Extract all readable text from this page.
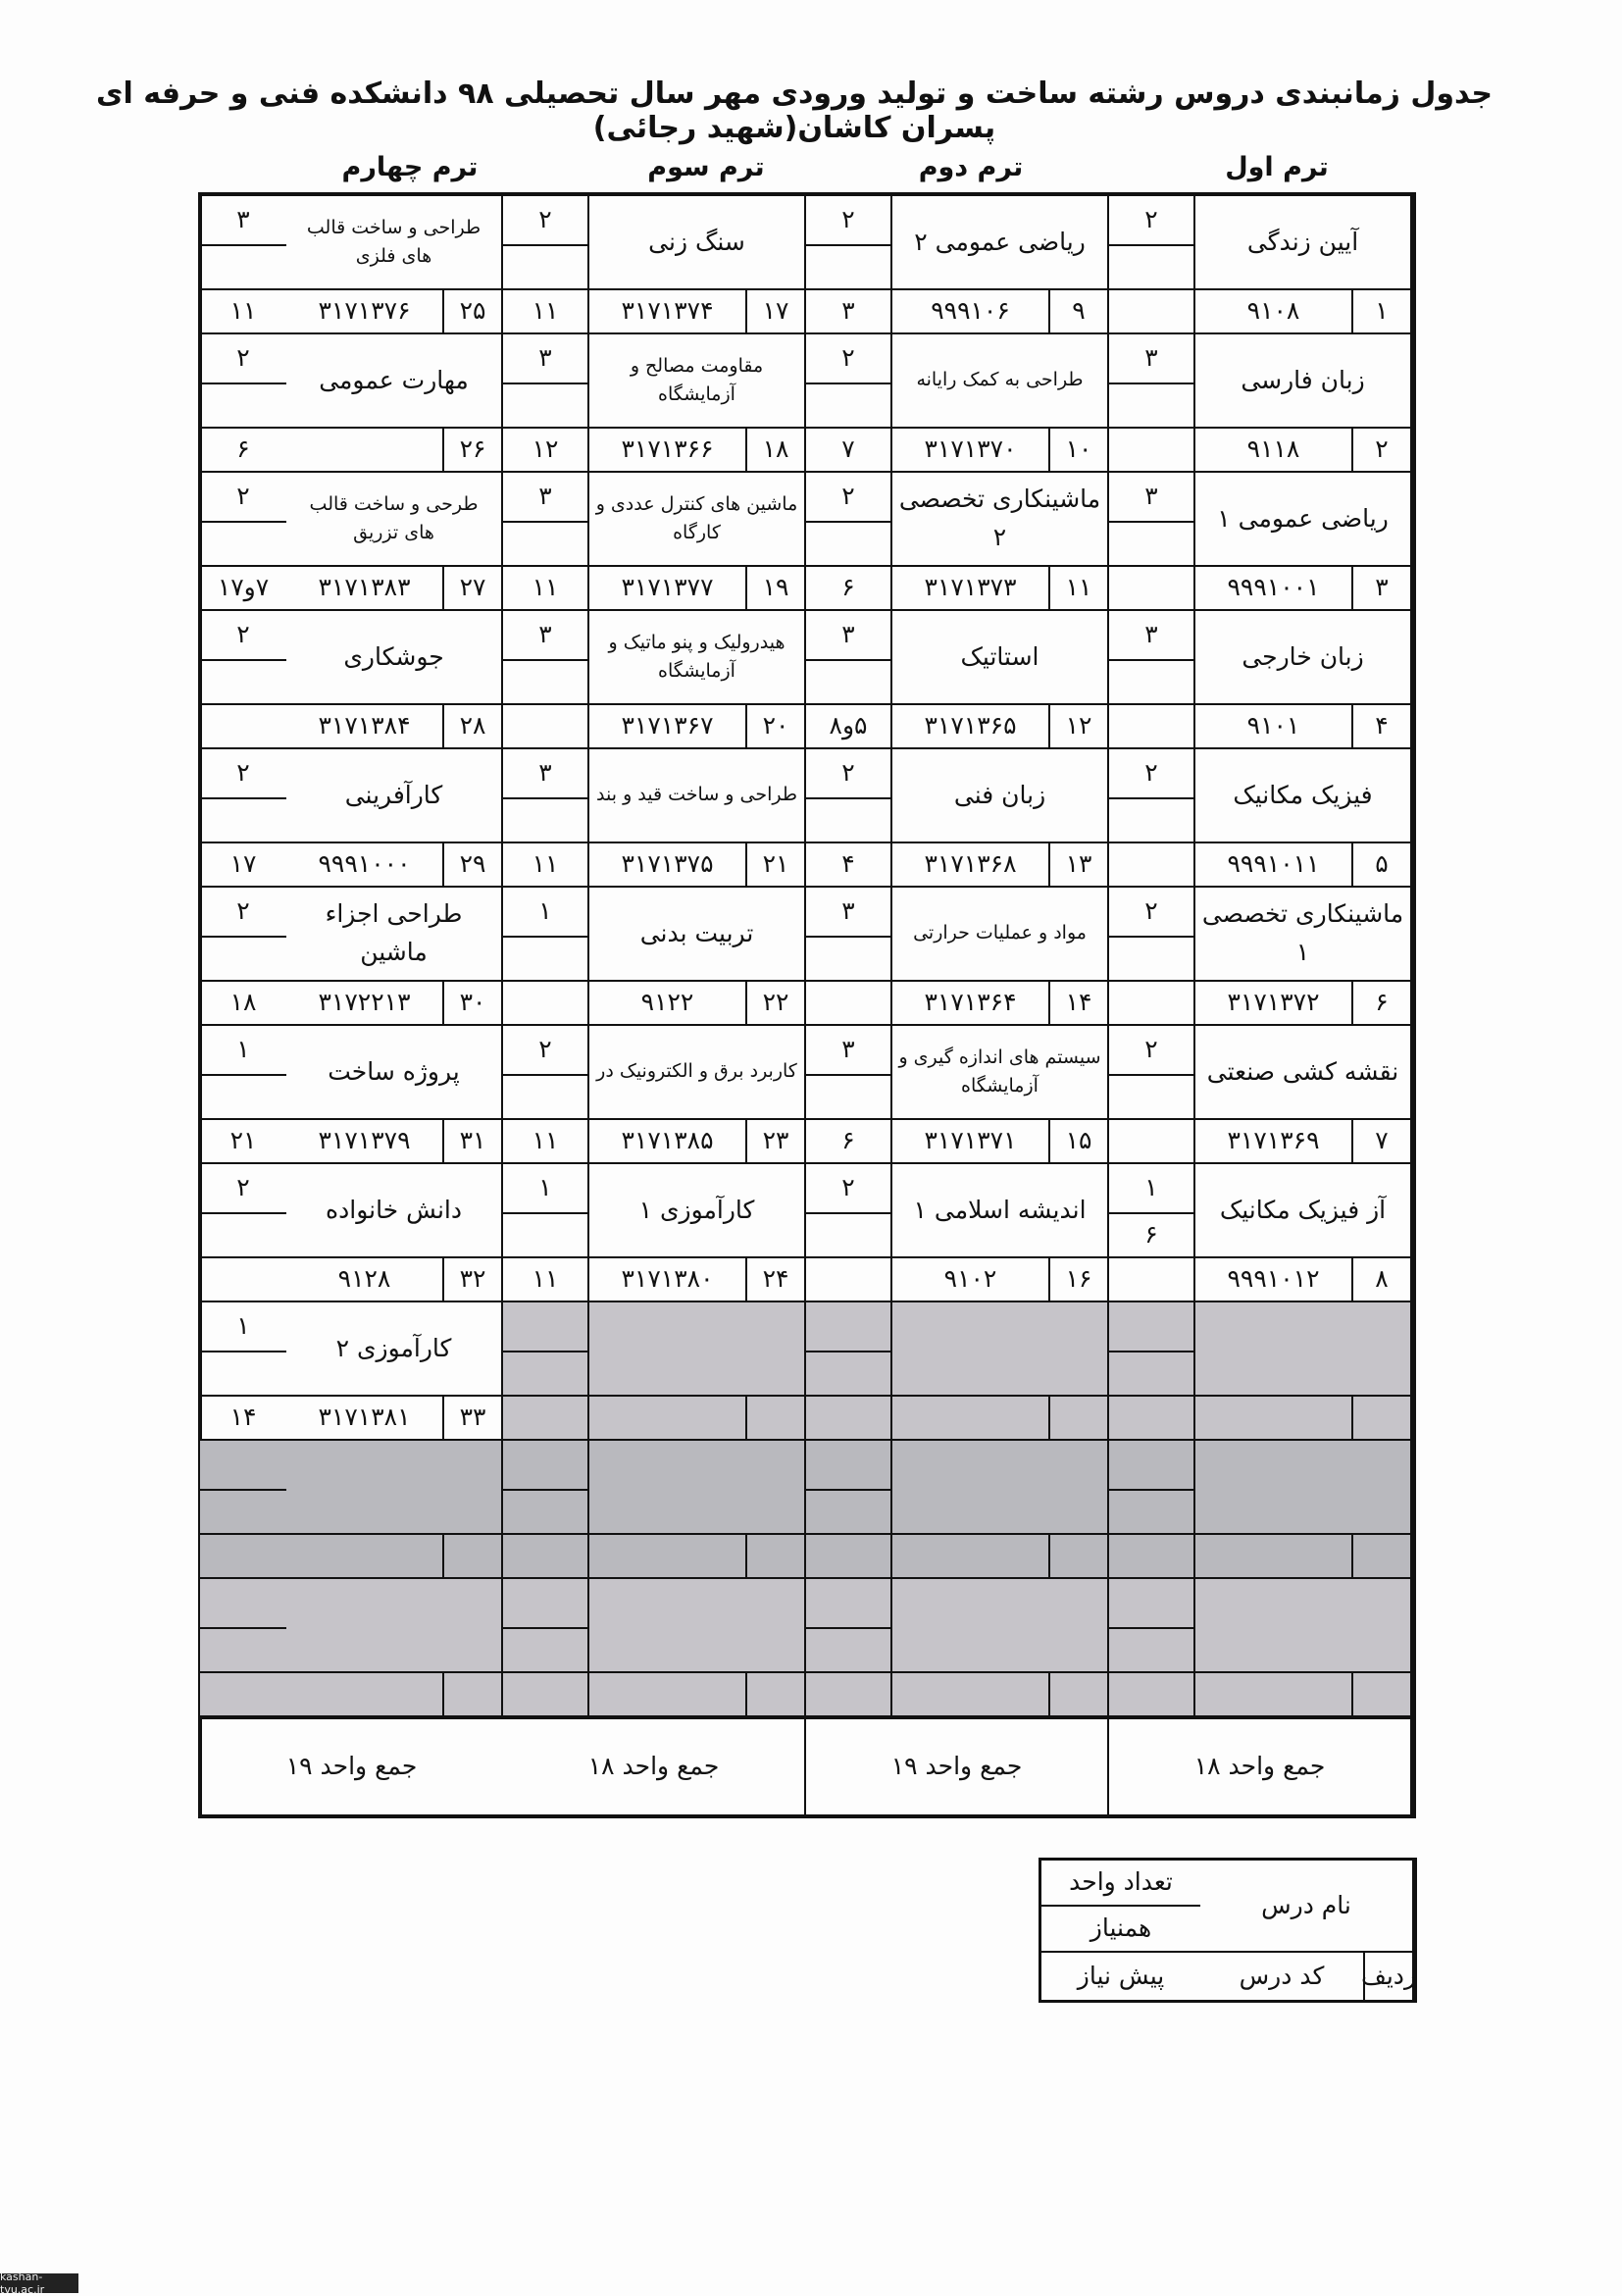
جدول زمانبندی دروس رشته ساخت و تولید ورودی مهر سال تحصیلی ۹۸ دانشکده فنی و حرفه ای پسران کاشان(شهید رجائی)
ترم اول
ترم دوم
ترم سوم
ترم چهارم
آیین زندگی
۲
۱
۹۱۰۸
زبان فارسی
۳
۲
۹۱۱۸
ریاضی عمومی ۱
۳
۳
۹۹۹۱۰۰۱
زبان خارجی
۳
۴
۹۱۰۱
فیزیک مکانیک
۲
۵
۹۹۹۱۰۱۱
ماشینکاری تخصصی ۱
۲
۶
۳۱۷۱۳۷۲
نقشه کشی صنعتی
۲
۷
۳۱۷۱۳۶۹
آز فیزیک مکانیک
۱
۶
۸
۹۹۹۱۰۱۲
جمع واحد ۱۸
ریاضی عمومی ۲
۲
۹
۹۹۹۱۰۶
۳
طراحی به کمک رایانه
۲
۱۰
۳۱۷۱۳۷۰
۷
ماشینکاری تخصصی ۲
۲
۱۱
۳۱۷۱۳۷۳
۶
استاتیک
۳
۱۲
۳۱۷۱۳۶۵
۵و۸
زبان فنی
۲
۱۳
۳۱۷۱۳۶۸
۴
مواد و عملیات حرارتی
۳
۱۴
۳۱۷۱۳۶۴
سیستم های اندازه گیری و آزمایشگاه
۳
۱۵
۳۱۷۱۳۷۱
۶
اندیشه اسلامی ۱
۲
۱۶
۹۱۰۲
جمع واحد ۱۹
سنگ زنی
۲
۱۷
۳۱۷۱۳۷۴
۱۱
مقاومت مصالح و آزمایشگاه
۳
۱۸
۳۱۷۱۳۶۶
۱۲
ماشین های کنترل عددی و کارگاه
۳
۱۹
۳۱۷۱۳۷۷
۱۱
هیدرولیک و پنو ماتیک و آزمایشگاه
۳
۲۰
۳۱۷۱۳۶۷
طراحی و ساخت قید و بند
۳
۲۱
۳۱۷۱۳۷۵
۱۱
تربیت بدنی
۱
۲۲
۹۱۲۲
کاربرد برق و الکترونیک در
۲
۲۳
۳۱۷۱۳۸۵
۱۱
کارآموزی ۱
۱
۲۴
۳۱۷۱۳۸۰
۱۱
جمع واحد ۱۸
طراحی و ساخت قالب های فلزی
۳
۲۵
۳۱۷۱۳۷۶
۱۱
مهارت عمومی
۲
۲۶
۶
طرحی و ساخت قالب های تزریق
۲
۲۷
۳۱۷۱۳۸۳
۷و۱۷
جوشکاری
۲
۲۸
۳۱۷۱۳۸۴
کارآفرینی
۲
۲۹
۹۹۹۱۰۰۰
۱۷
طراحی اجزاء ماشین
۲
۳۰
۳۱۷۲۲۱۳
۱۸
پروژه ساخت
۱
۳۱
۳۱۷۱۳۷۹
۲۱
دانش خانواده
۲
۳۲
۹۱۲۸
کارآموزی ۲
۱
۳۳
۳۱۷۱۳۸۱
۱۴
جمع واحد ۱۹
نام درس
تعداد واحد
همنیاز
ردیف
کد درس
پیش نیاز
kashan-tvu.ac.ir
